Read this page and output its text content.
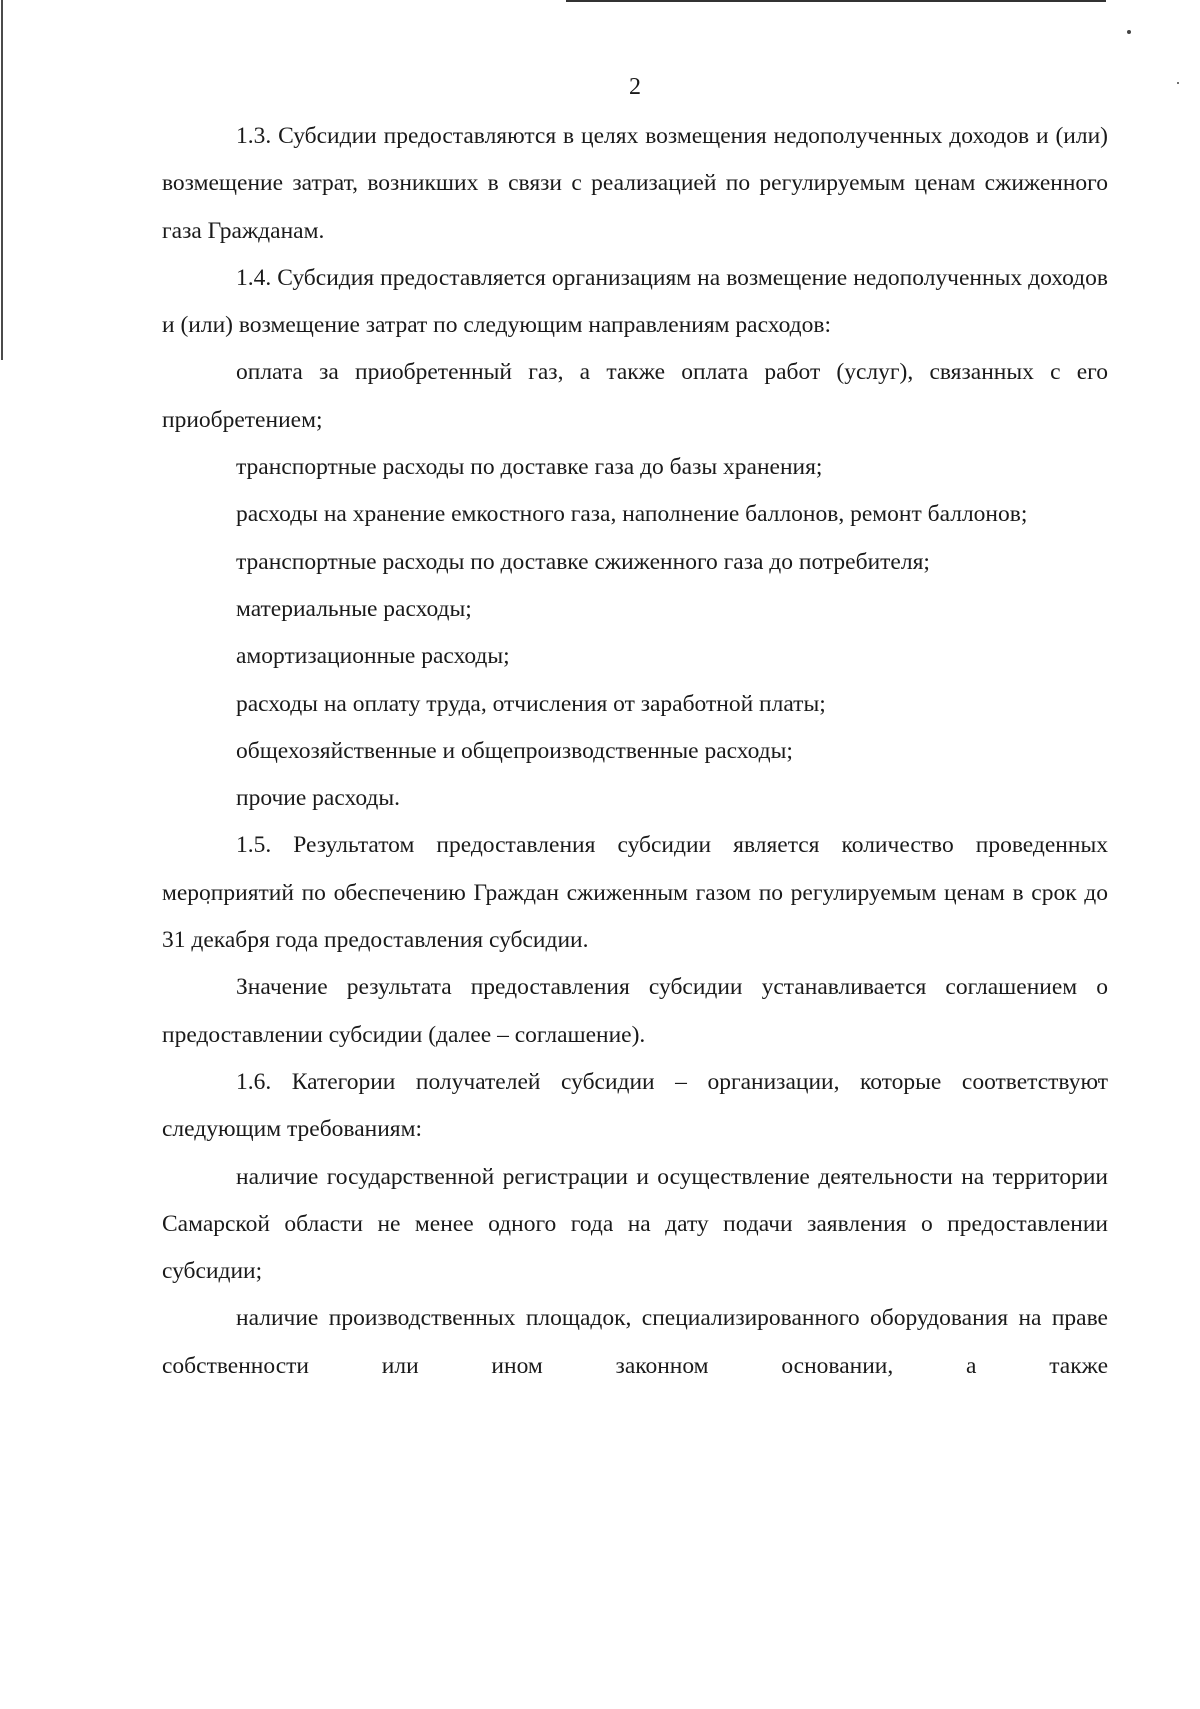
2

1.3. Субсидии предоставляются в целях возмещения недополученных доходов и (или) возмещение затрат, возникших в связи с реализацией по регулируемым ценам сжиженного газа Гражданам.

1.4. Субсидия предоставляется организациям на возмещение недополученных доходов и (или) возмещение затрат по следующим направлениям расходов:

оплата за приобретенный газ, а также оплата работ (услуг), связанных с его приобретением;

транспортные расходы по доставке газа до базы хранения;

расходы на хранение емкостного газа, наполнение баллонов, ремонт баллонов;

транспортные расходы по доставке сжиженного газа до потребителя;

материальные расходы;

амортизационные расходы;

расходы на оплату труда, отчисления от заработной платы;

общехозяйственные и общепроизводственные расходы;

прочие расходы.

1.5. Результатом предоставления субсидии является количество проведенных мероприятий по обеспечению Граждан сжиженным газом по регулируемым ценам в срок до 31 декабря года предоставления субсидии.

Значение результата предоставления субсидии устанавливается соглашением о предоставлении субсидии (далее – соглашение).

1.6. Категории получателей субсидии – организации, которые соответствуют следующим требованиям:

наличие государственной регистрации и осуществление деятельности на территории Самарской области не менее одного года на дату подачи заявления о предоставлении субсидии;

наличие производственных площадок, специализированного оборудования на праве собственности или ином законном основании, а также
